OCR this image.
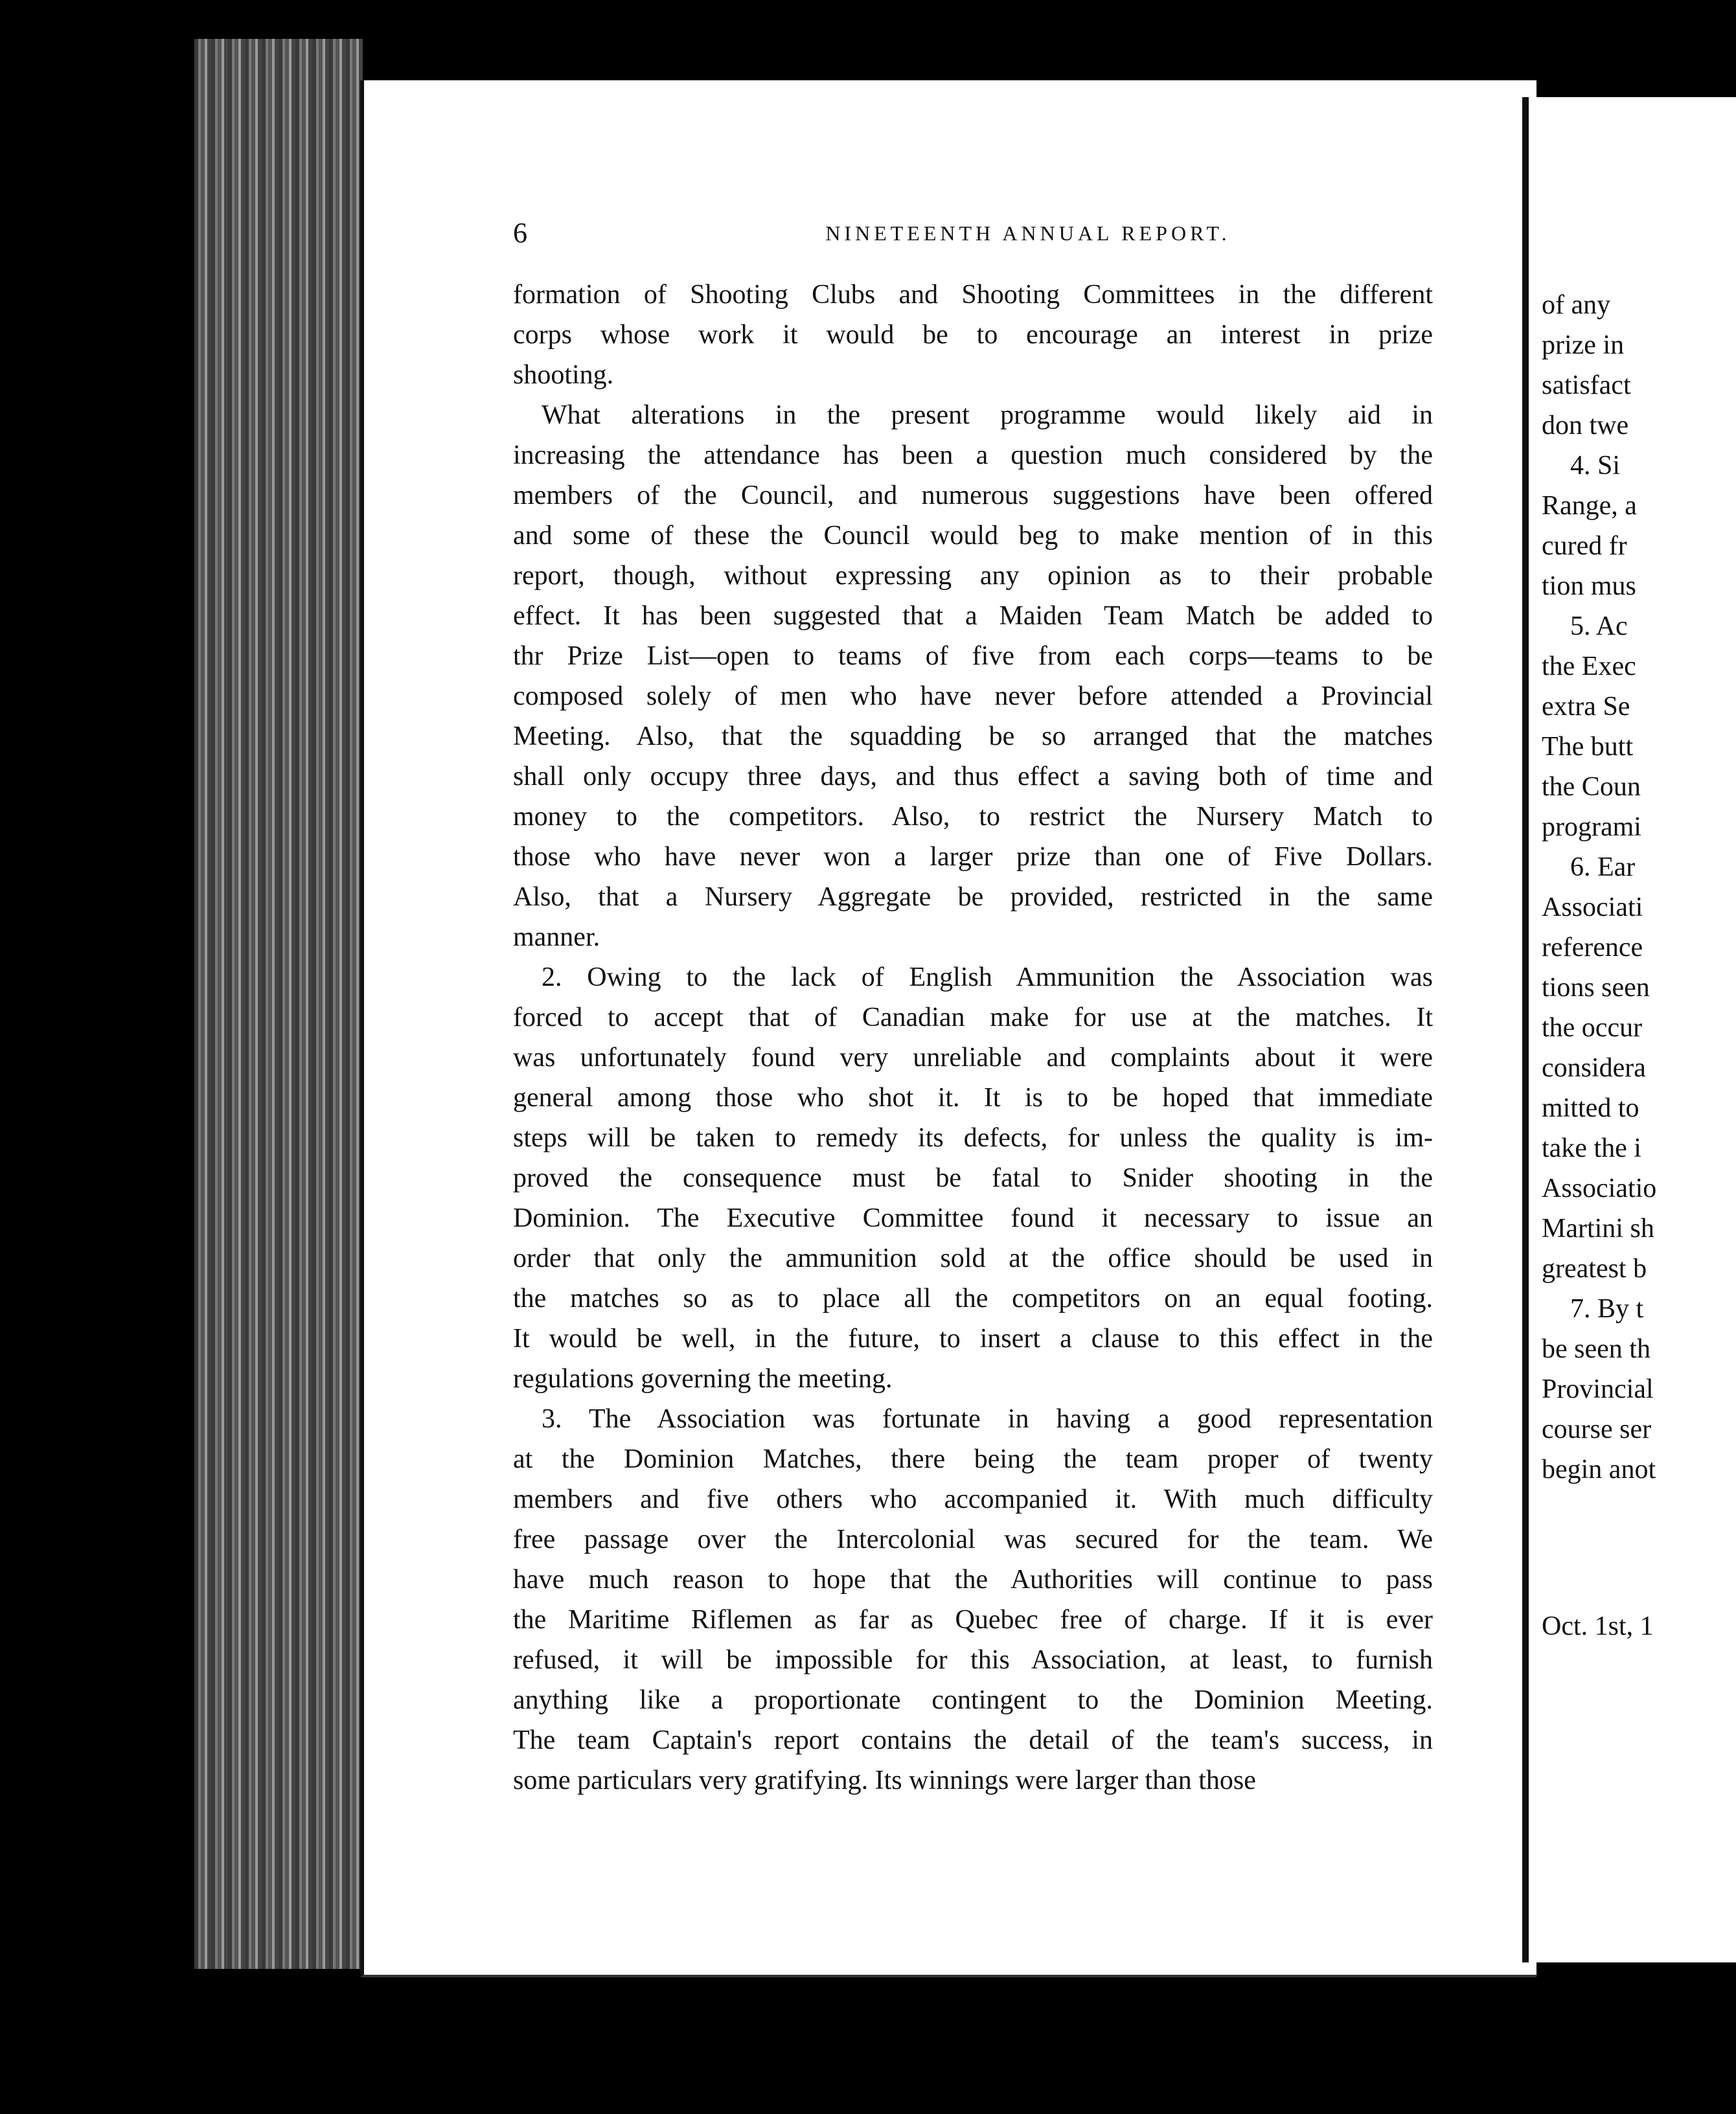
6	NINETEENTH ANNUAL REPORT.

formation of Shooting Clubs and Shooting Committees in the different
corps whose work it would be to encourage an interest in prize
shooting.

What alterations in the present programme would likely aid in
increasing the attendance has been a question much considered by the
members of the Council, and numerous suggestions have been offered
and some of these the Council would beg to make mention of in this
report, though, without expressing any opinion as to their probable
effect. It has been suggested that a Maiden Team Match be added to
thr Prize List—open to teams of five from each corps—teams to be
composed solely of men who have never before attended a Provincial
Meeting. Also, that the squadding be so arranged that the matches
shall only occupy three days, and thus effect a saving both of time and
money to the competitors. Also, to restrict the Nursery Match to
those who have never won a larger prize than one of Five Dollars.
Also, that a Nursery Aggregate be provided, restricted in the same
manner.

2. Owing to the lack of English Ammunition the Association was
forced to accept that of Canadian make for use at the matches. It
was unfortunately found very unreliable and complaints about it were
general among those who shot it. It is to be hoped that immediate
steps will be taken to remedy its defects, for unless the quality is im-
proved the consequence must be fatal to Snider shooting in the
Dominion. The Executive Committee found it necessary to issue an
order that only the ammunition sold at the office should be used in
the matches so as to place all the competitors on an equal footing.
It would be well, in the future, to insert a clause to this effect in the
regulations governing the meeting.

3. The Association was fortunate in having a good representation
at the Dominion Matches, there being the team proper of twenty
members and five others who accompanied it. With much difficulty
free passage over the Intercolonial was secured for the team. We
have much reason to hope that the Authorities will continue to pass
the Maritime Riflemen as far as Quebec free of charge. If it is ever
refused, it will be impossible for this Association, at least, to furnish
anything like a proportionate contingent to the Dominion Meeting.
The team Captain's report contains the detail of the team's success, in
some particulars very gratifying. Its winnings were larger than those

of any
prize in
satisfact
don twe
4. Si
Range, a
cured fr
tion mus
5. Ac
the Exec
extra Se
The butt
the Coun
programi
6. Ear
Associati
reference
tions seen
the occur
considera
mitted to
take the i
Associatio
Martini sh
greatest b
7. By t
be seen th
Provincial
course ser
begin anot
Oct. 1st, 1
